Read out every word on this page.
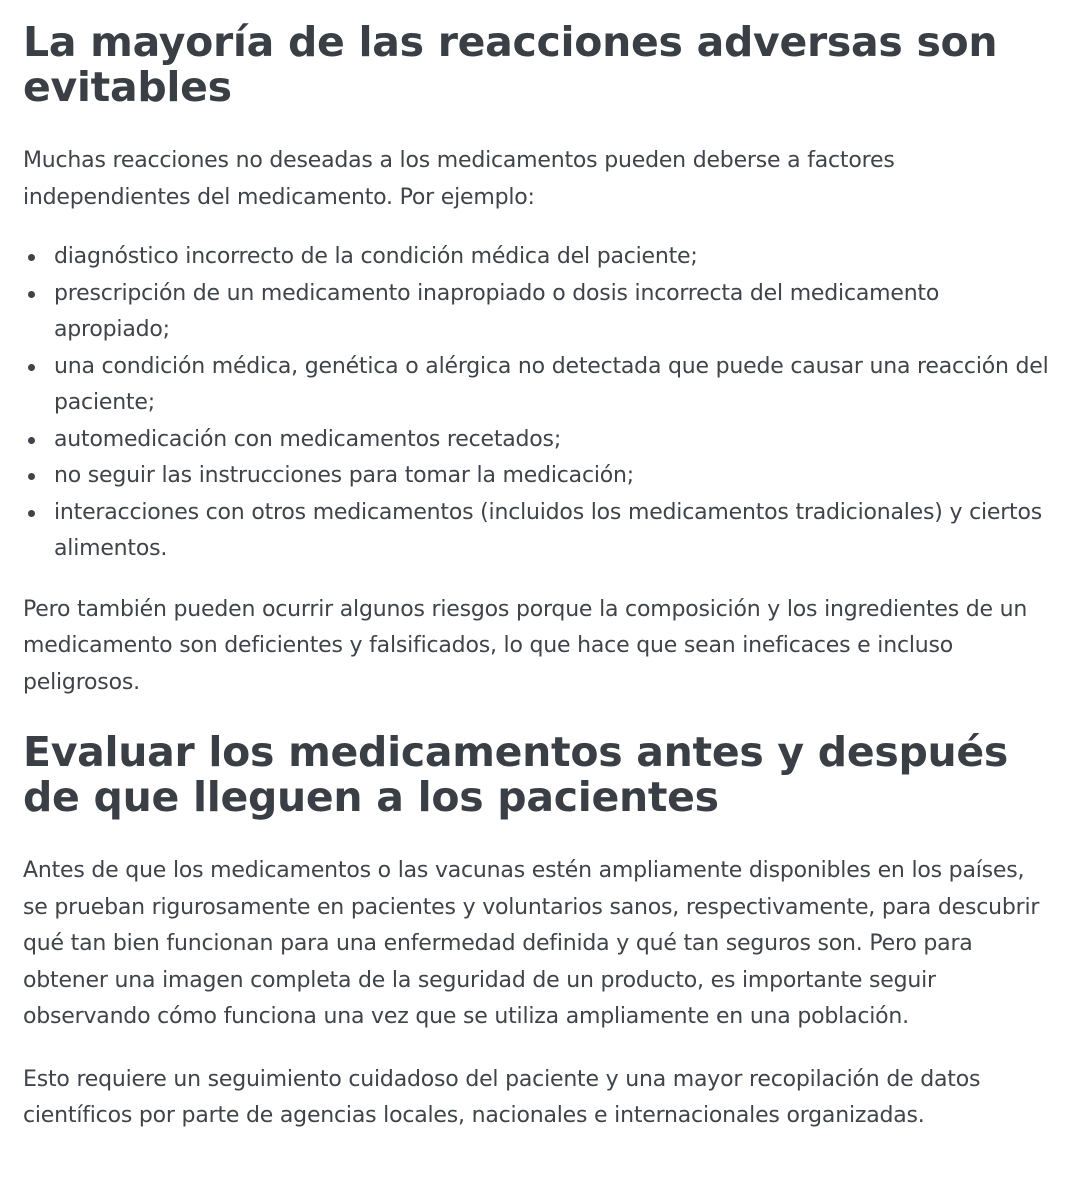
La mayoría de las reacciones adversas son evitables

Muchas reacciones no deseadas a los medicamentos pueden deberse a factores independientes del medicamento. Por ejemplo:

diagnóstico incorrecto de la condición médica del paciente;
prescripción de un medicamento inapropiado o dosis incorrecta del medicamento apropiado;
una condición médica, genética o alérgica no detectada que puede causar una reacción del paciente;
automedicación con medicamentos recetados;
no seguir las instrucciones para tomar la medicación;
interacciones con otros medicamentos (incluidos los medicamentos tradicionales) y ciertos alimentos.

Pero también pueden ocurrir algunos riesgos porque la composición y los ingredientes de un medicamento son deficientes y falsificados, lo que hace que sean ineficaces e incluso peligrosos.

Evaluar los medicamentos antes y después de que lleguen a los pacientes

Antes de que los medicamentos o las vacunas estén ampliamente disponibles en los países, se prueban rigurosamente en pacientes y voluntarios sanos, respectivamente, para descubrir qué tan bien funcionan para una enfermedad definida y qué tan seguros son. Pero para obtener una imagen completa de la seguridad de un producto, es importante seguir observando cómo funciona una vez que se utiliza ampliamente en una población.

Esto requiere un seguimiento cuidadoso del paciente y una mayor recopilación de datos científicos por parte de agencias locales, nacionales e internacionales organizadas.
